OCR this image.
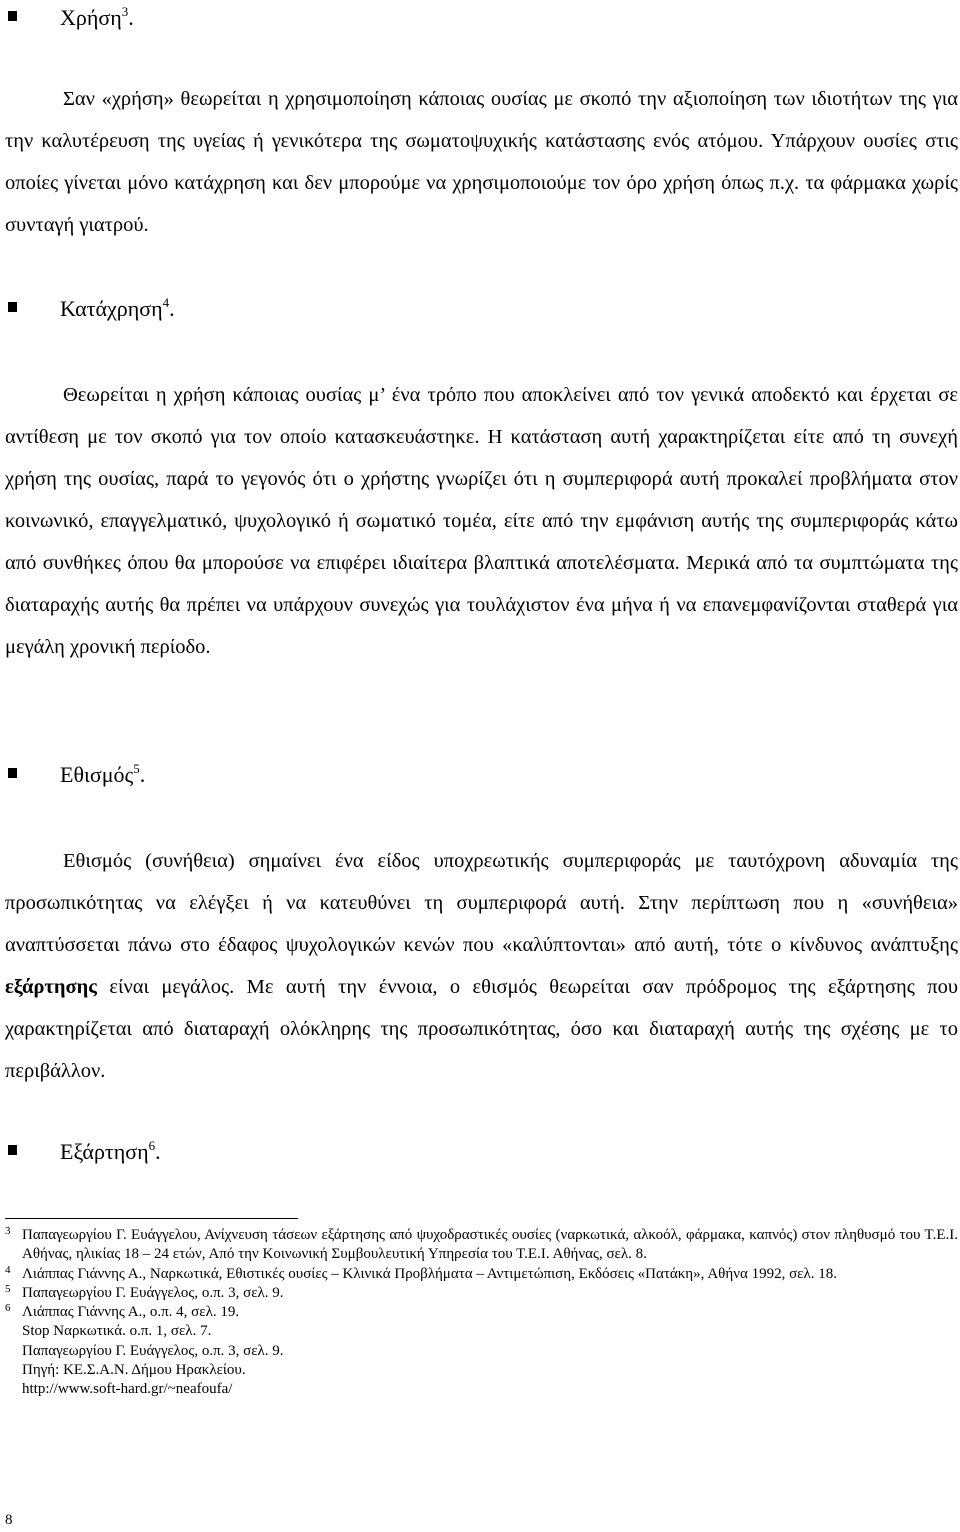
Χρήση$^3$.

Σαν «χρήση» θεωρείται η χρησιμοποίηση κάποιας ουσίας με σκοπό την αξιοποίηση των ιδιοτήτων της για την καλυτέρευση της υγείας ή γενικότερα της σωματοψυχικής κατάστασης ενός ατόμου. Υπάρχουν ουσίες στις οποίες γίνεται μόνο κατάχρηση και δεν μπορούμε να χρησιμοποιούμε τον όρο χρήση όπως π.χ. τα φάρμακα χωρίς συνταγή γιατρού.

Κατάχρηση$^4$.

Θεωρείται η χρήση κάποιας ουσίας μ’ ένα τρόπο που αποκλείνει από τον γενικά αποδεκτό και έρχεται σε αντίθεση με τον σκοπό για τον οποίο κατασκευάστηκε. Η κατάσταση αυτή χαρακτηρίζεται είτε από τη συνεχή χρήση της ουσίας, παρά το γεγονός ότι ο χρήστης γνωρίζει ότι η συμπεριφορά αυτή προκαλεί προβλήματα στον κοινωνικό, επαγγελματικό, ψυχολογικό ή σωματικό τομέα, είτε από την εμφάνιση αυτής της συμπεριφοράς κάτω από συνθήκες όπου θα μπορούσε να επιφέρει ιδιαίτερα βλαπτικά αποτελέσματα. Μερικά από τα συμπτώματα της διαταραχής αυτής θα πρέπει να υπάρχουν συνεχώς για τουλάχιστον ένα μήνα ή να επανεμφανίζονται σταθερά για μεγάλη χρονική περίοδο.

Εθισμός$^5$.

Εθισμός (συνήθεια) σημαίνει ένα είδος υποχρεωτικής συμπεριφοράς με ταυτόχρονη αδυναμία της προσωπικότητας να ελέγξει ή να κατευθύνει τη συμπεριφορά αυτή. Στην περίπτωση που η «συνήθεια» αναπτύσσεται πάνω στο έδαφος ψυχολογικών κενών που «καλύπτονται» από αυτή, τότε ο κίνδυνος ανάπτυξης εξάρτησης είναι μεγάλος. Με αυτή την έννοια, ο εθισμός θεωρείται σαν πρόδρομος της εξάρτησης που χαρακτηρίζεται από διαταραχή ολόκληρης της προσωπικότητας, όσο και διαταραχή αυτής της σχέσης με το περιβάλλον.

Εξάρτηση$^6$.
3 Παπαγεωργίου Γ. Ευάγγελου, Ανίχνευση τάσεων εξάρτησης από ψυχοδραστικές ουσίες (ναρκωτικά, αλκοόλ, φάρμακα, καπνός) στον πληθυσμό του Τ.Ε.Ι. Αθήνας, ηλικίας 18 – 24 ετών, Από την Κοινωνική Συμβουλευτική Υπηρεσία του Τ.Ε.Ι. Αθήνας, σελ. 8.
4 Λιάππας Γιάννης Α., Ναρκωτικά, Εθιστικές ουσίες – Κλινικά Προβλήματα – Αντιμετώπιση, Εκδόσεις «Πατάκη», Αθήνα 1992, σελ. 18.
5 Παπαγεωργίου Γ. Ευάγγελος, ο.π. 3, σελ. 9.
6 Λιάππας Γιάννης Α., ο.π. 4, σελ. 19.
Stop Ναρκωτικά. ο.π. 1, σελ. 7.
Παπαγεωργίου Γ. Ευάγγελος, ο.π. 3, σελ. 9.
Πηγή: ΚΕ.Σ.Α.Ν. Δήμου Ηρακλείου.
http://www.soft-hard.gr/~neafoufa/
8
